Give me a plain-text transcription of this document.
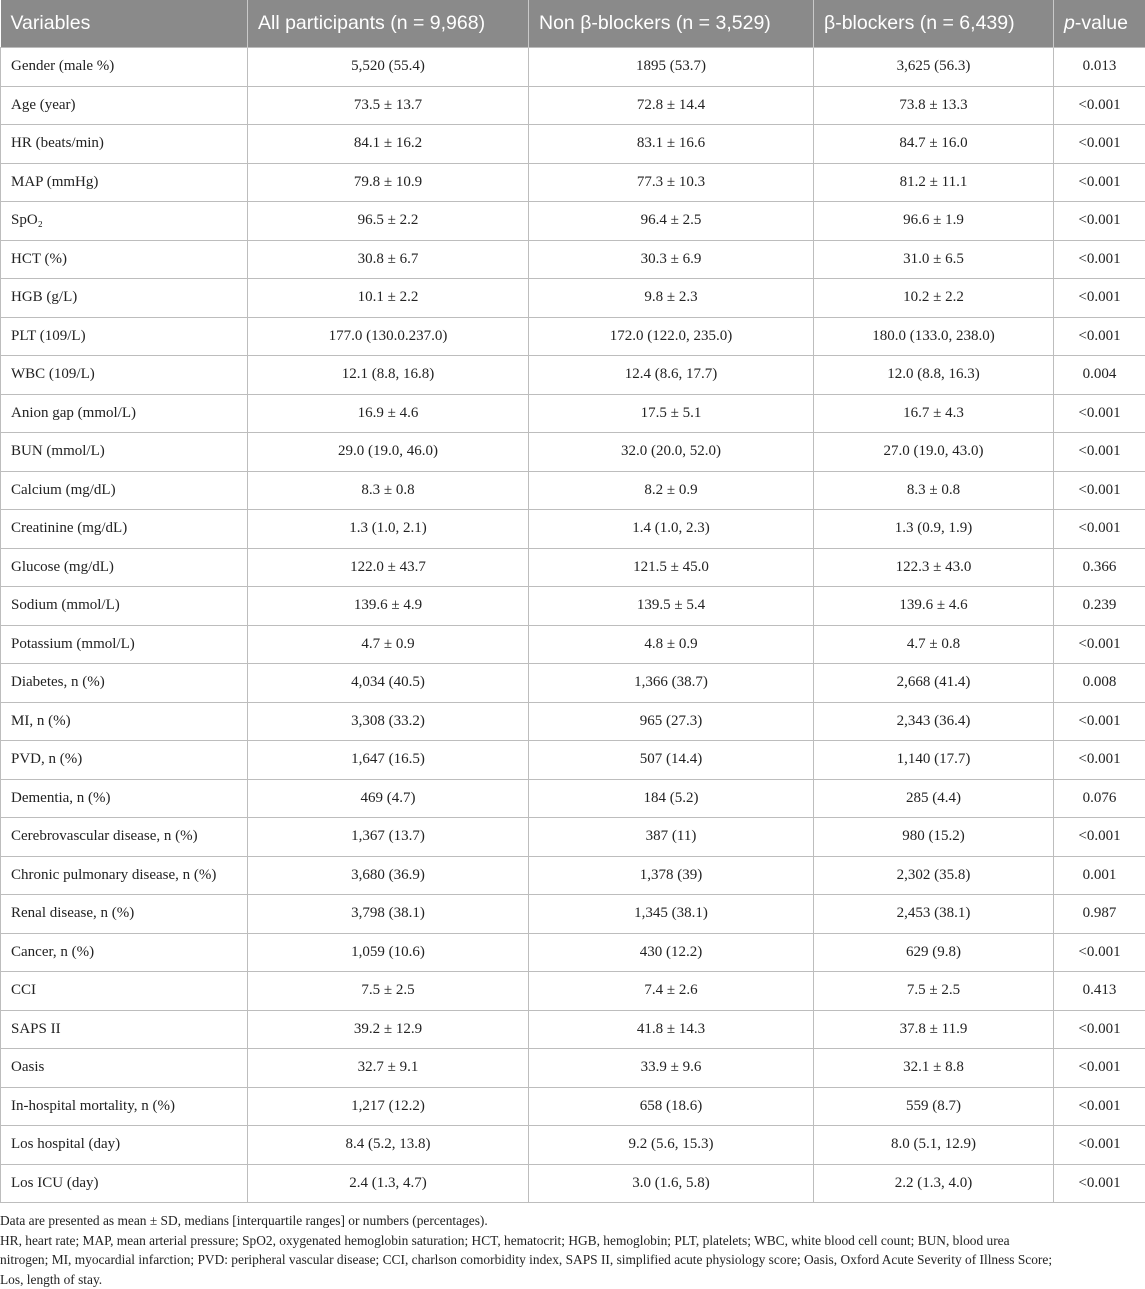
Variables	All participants (n = 9,968)	Non β-blockers (n = 3,529)	β-blockers (n = 6,439)	p-value
Gender (male %)	5,520 (55.4)	1895 (53.7)	3,625 (56.3)	0.013
Age (year)	73.5 ± 13.7	72.8 ± 14.4	73.8 ± 13.3	<0.001
HR (beats/min)	84.1 ± 16.2	83.1 ± 16.6	84.7 ± 16.0	<0.001
MAP (mmHg)	79.8 ± 10.9	77.3 ± 10.3	81.2 ± 11.1	<0.001
SpO₂	96.5 ± 2.2	96.4 ± 2.5	96.6 ± 1.9	<0.001
HCT (%)	30.8 ± 6.7	30.3 ± 6.9	31.0 ± 6.5	<0.001
HGB (g/L)	10.1 ± 2.2	9.8 ± 2.3	10.2 ± 2.2	<0.001
PLT (109/L)	177.0 (130.0.237.0)	172.0 (122.0, 235.0)	180.0 (133.0, 238.0)	<0.001
WBC (109/L)	12.1 (8.8, 16.8)	12.4 (8.6, 17.7)	12.0 (8.8, 16.3)	0.004
Anion gap (mmol/L)	16.9 ± 4.6	17.5 ± 5.1	16.7 ± 4.3	<0.001
BUN (mmol/L)	29.0 (19.0, 46.0)	32.0 (20.0, 52.0)	27.0 (19.0, 43.0)	<0.001
Calcium (mg/dL)	8.3 ± 0.8	8.2 ± 0.9	8.3 ± 0.8	<0.001
Creatinine (mg/dL)	1.3 (1.0, 2.1)	1.4 (1.0, 2.3)	1.3 (0.9, 1.9)	<0.001
Glucose (mg/dL)	122.0 ± 43.7	121.5 ± 45.0	122.3 ± 43.0	0.366
Sodium (mmol/L)	139.6 ± 4.9	139.5 ± 5.4	139.6 ± 4.6	0.239
Potassium (mmol/L)	4.7 ± 0.9	4.8 ± 0.9	4.7 ± 0.8	<0.001
Diabetes, n (%)	4,034 (40.5)	1,366 (38.7)	2,668 (41.4)	0.008
MI, n (%)	3,308 (33.2)	965 (27.3)	2,343 (36.4)	<0.001
PVD, n (%)	1,647 (16.5)	507 (14.4)	1,140 (17.7)	<0.001
Dementia, n (%)	469 (4.7)	184 (5.2)	285 (4.4)	0.076
Cerebrovascular disease, n (%)	1,367 (13.7)	387 (11)	980 (15.2)	<0.001
Chronic pulmonary disease, n (%)	3,680 (36.9)	1,378 (39)	2,302 (35.8)	0.001
Renal disease, n (%)	3,798 (38.1)	1,345 (38.1)	2,453 (38.1)	0.987
Cancer, n (%)	1,059 (10.6)	430 (12.2)	629 (9.8)	<0.001
CCI	7.5 ± 2.5	7.4 ± 2.6	7.5 ± 2.5	0.413
SAPS II	39.2 ± 12.9	41.8 ± 14.3	37.8 ± 11.9	<0.001
Oasis	32.7 ± 9.1	33.9 ± 9.6	32.1 ± 8.8	<0.001
In-hospital mortality, n (%)	1,217 (12.2)	658 (18.6)	559 (8.7)	<0.001
Los hospital (day)	8.4 (5.2, 13.8)	9.2 (5.6, 15.3)	8.0 (5.1, 12.9)	<0.001
Los ICU (day)	2.4 (1.3, 4.7)	3.0 (1.6, 5.8)	2.2 (1.3, 4.0)	<0.001
Data are presented as mean ± SD, medians [interquartile ranges] or numbers (percentages).
HR, heart rate; MAP, mean arterial pressure; SpO2, oxygenated hemoglobin saturation; HCT, hematocrit; HGB, hemoglobin; PLT, platelets; WBC, white blood cell count; BUN, blood urea
nitrogen; MI, myocardial infarction; PVD: peripheral vascular disease; CCI, charlson comorbidity index, SAPS II, simplified acute physiology score; Oasis, Oxford Acute Severity of Illness Score;
Los, length of stay.
